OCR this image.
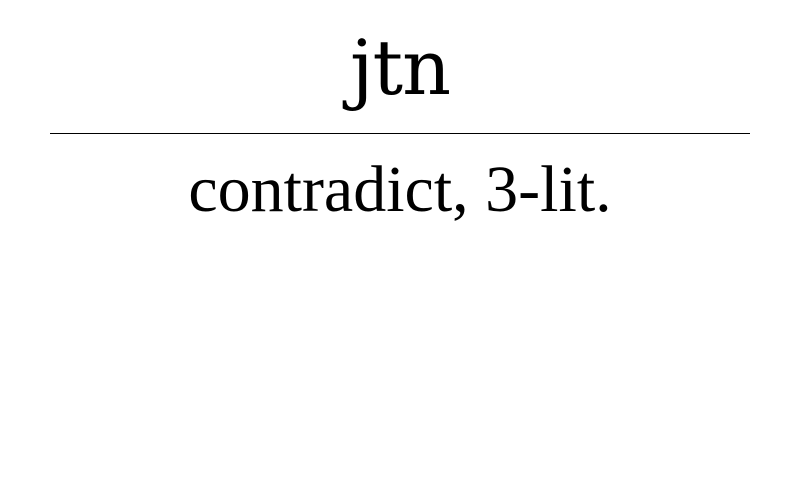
jtn
contradict, 3-lit.
